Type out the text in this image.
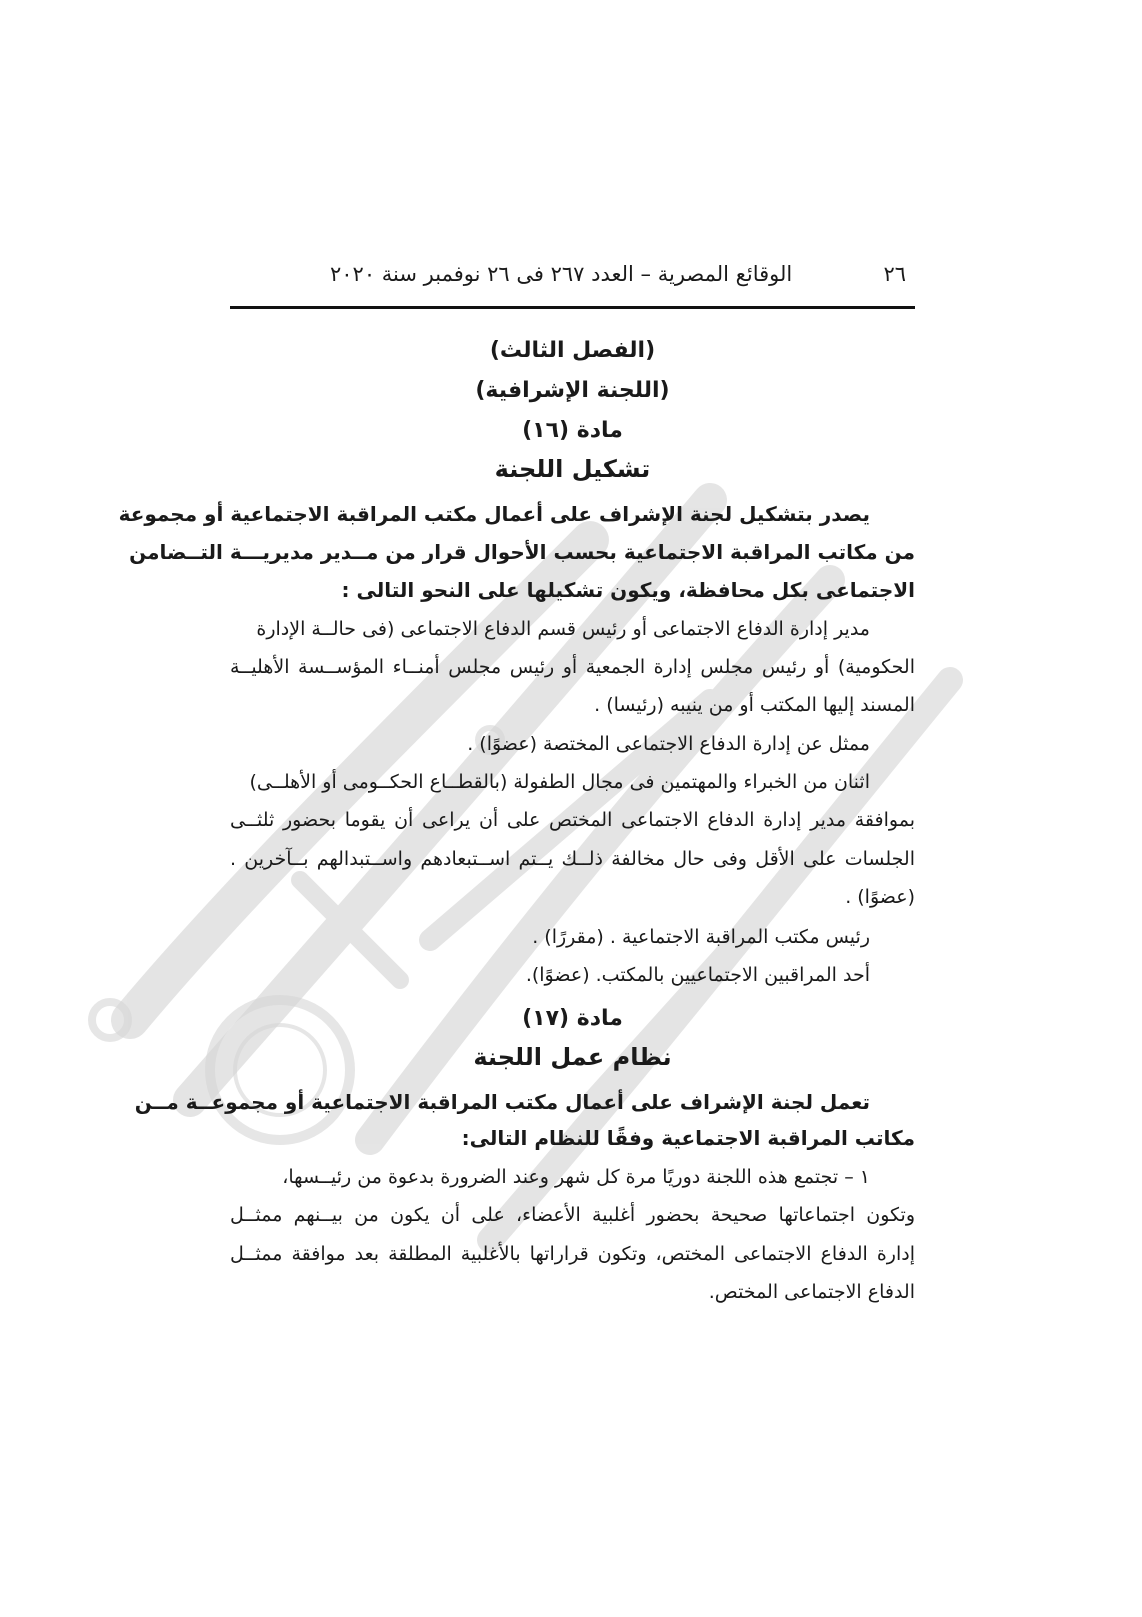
٢٦
الوقائع المصرية – العدد ٢٦٧ فى ٢٦ نوفمبر سنة ٢٠٢٠
(الفصل الثالث)
(اللجنة الإشرافية)
مادة (١٦)
تشكيل اللجنة
يصدر بتشكيل لجنة الإشراف على أعمال مكتب المراقبة الاجتماعية أو مجموعة
من مكاتب المراقبة الاجتماعية بحسب الأحوال قرار من مــدير مديريـــة التــضامن
الاجتماعى بكل محافظة، ويكون تشكيلها على النحو التالى :
مدير إدارة الدفاع الاجتماعى أو رئيس قسم الدفاع الاجتماعى (فى حالــة الإدارة
الحكومية) أو رئيس مجلس إدارة الجمعية أو رئيس مجلس أمنــاء المؤســسة الأهليــة
المسند إليها المكتب أو من ينيبه (رئيسا) .
ممثل عن إدارة الدفاع الاجتماعى المختصة (عضوًا) .
اثنان من الخبراء والمهتمين فى مجال الطفولة (بالقطــاع الحكــومى أو الأهلــى)
بموافقة مدير إدارة الدفاع الاجتماعى المختص على أن يراعى أن يقوما بحضور ثلثــى
الجلسات على الأقل وفى حال مخالفة ذلــك يــتم اســتبعادهم واســتبدالهم بــآخرين .
(عضوًا) .
رئيس مكتب المراقبة الاجتماعية . (مقررًا) .
أحد المراقبين الاجتماعيين بالمكتب. (عضوًا).
مادة (١٧)
نظام عمل اللجنة
تعمل لجنة الإشراف على أعمال مكتب المراقبة الاجتماعية أو مجموعــة مــن
مكاتب المراقبة الاجتماعية وفقًا للنظام التالى:
١ – تجتمع هذه اللجنة دوريًا مرة كل شهر وعند الضرورة بدعوة من رئيــسها،
وتكون اجتماعاتها صحيحة بحضور أغلبية الأعضاء، على أن يكون من بيــنهم ممثــل
إدارة الدفاع الاجتماعى المختص، وتكون قراراتها بالأغلبية المطلقة بعد موافقة ممثــل
الدفاع الاجتماعى المختص.
